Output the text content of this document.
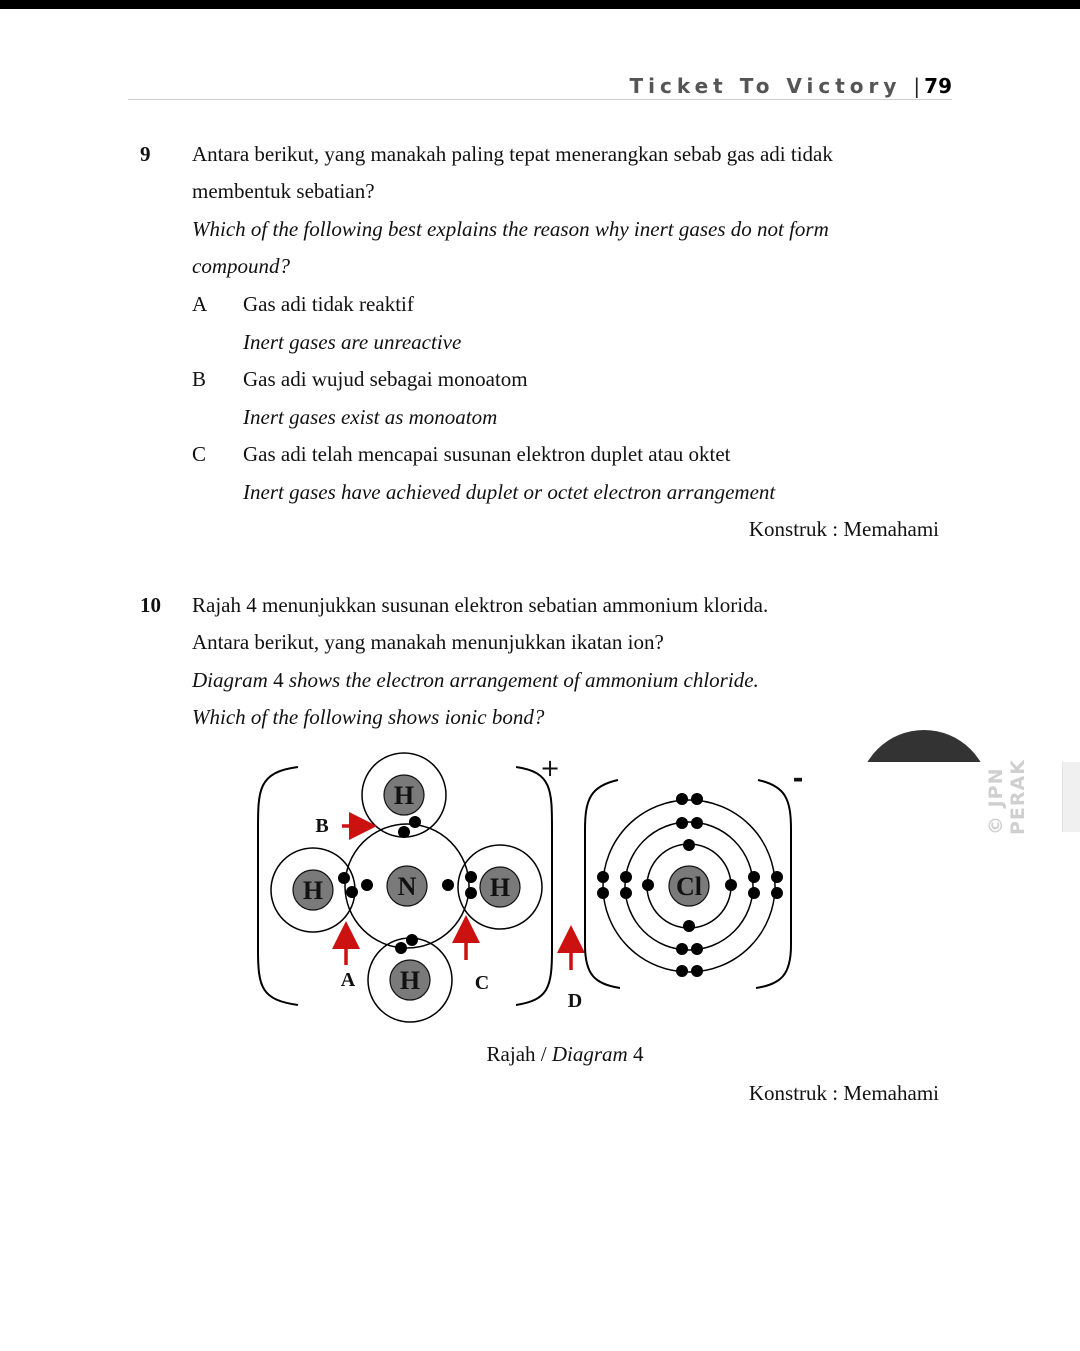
Ticket To Victory | 79
9 Antara berikut, yang manakah paling tepat menerangkan sebab gas adi tidak
membentuk sebatian?
Which of the following best explains the reason why inert gases do not form
compound?
A Gas adi tidak reaktif
Inert gases are unreactive
B Gas adi wujud sebagai monoatom
Inert gases exist as monoatom
C Gas adi telah mencapai susunan elektron duplet atau oktet
Inert gases have achieved duplet or octet electron arrangement
Konstruk : Memahami
10 Rajah 4 menunjukkan susunan elektron sebatian ammonium klorida.
Antara berikut, yang manakah menunjukkan ikatan ion?
Diagram 4 shows the electron arrangement of ammonium chloride.
Which of the following shows ionic bond?
N
H
H	H
H
B
A	C
D
+	-
Cl
Rajah / Diagram 4
Konstruk : Memahami
© JPN PERAK
